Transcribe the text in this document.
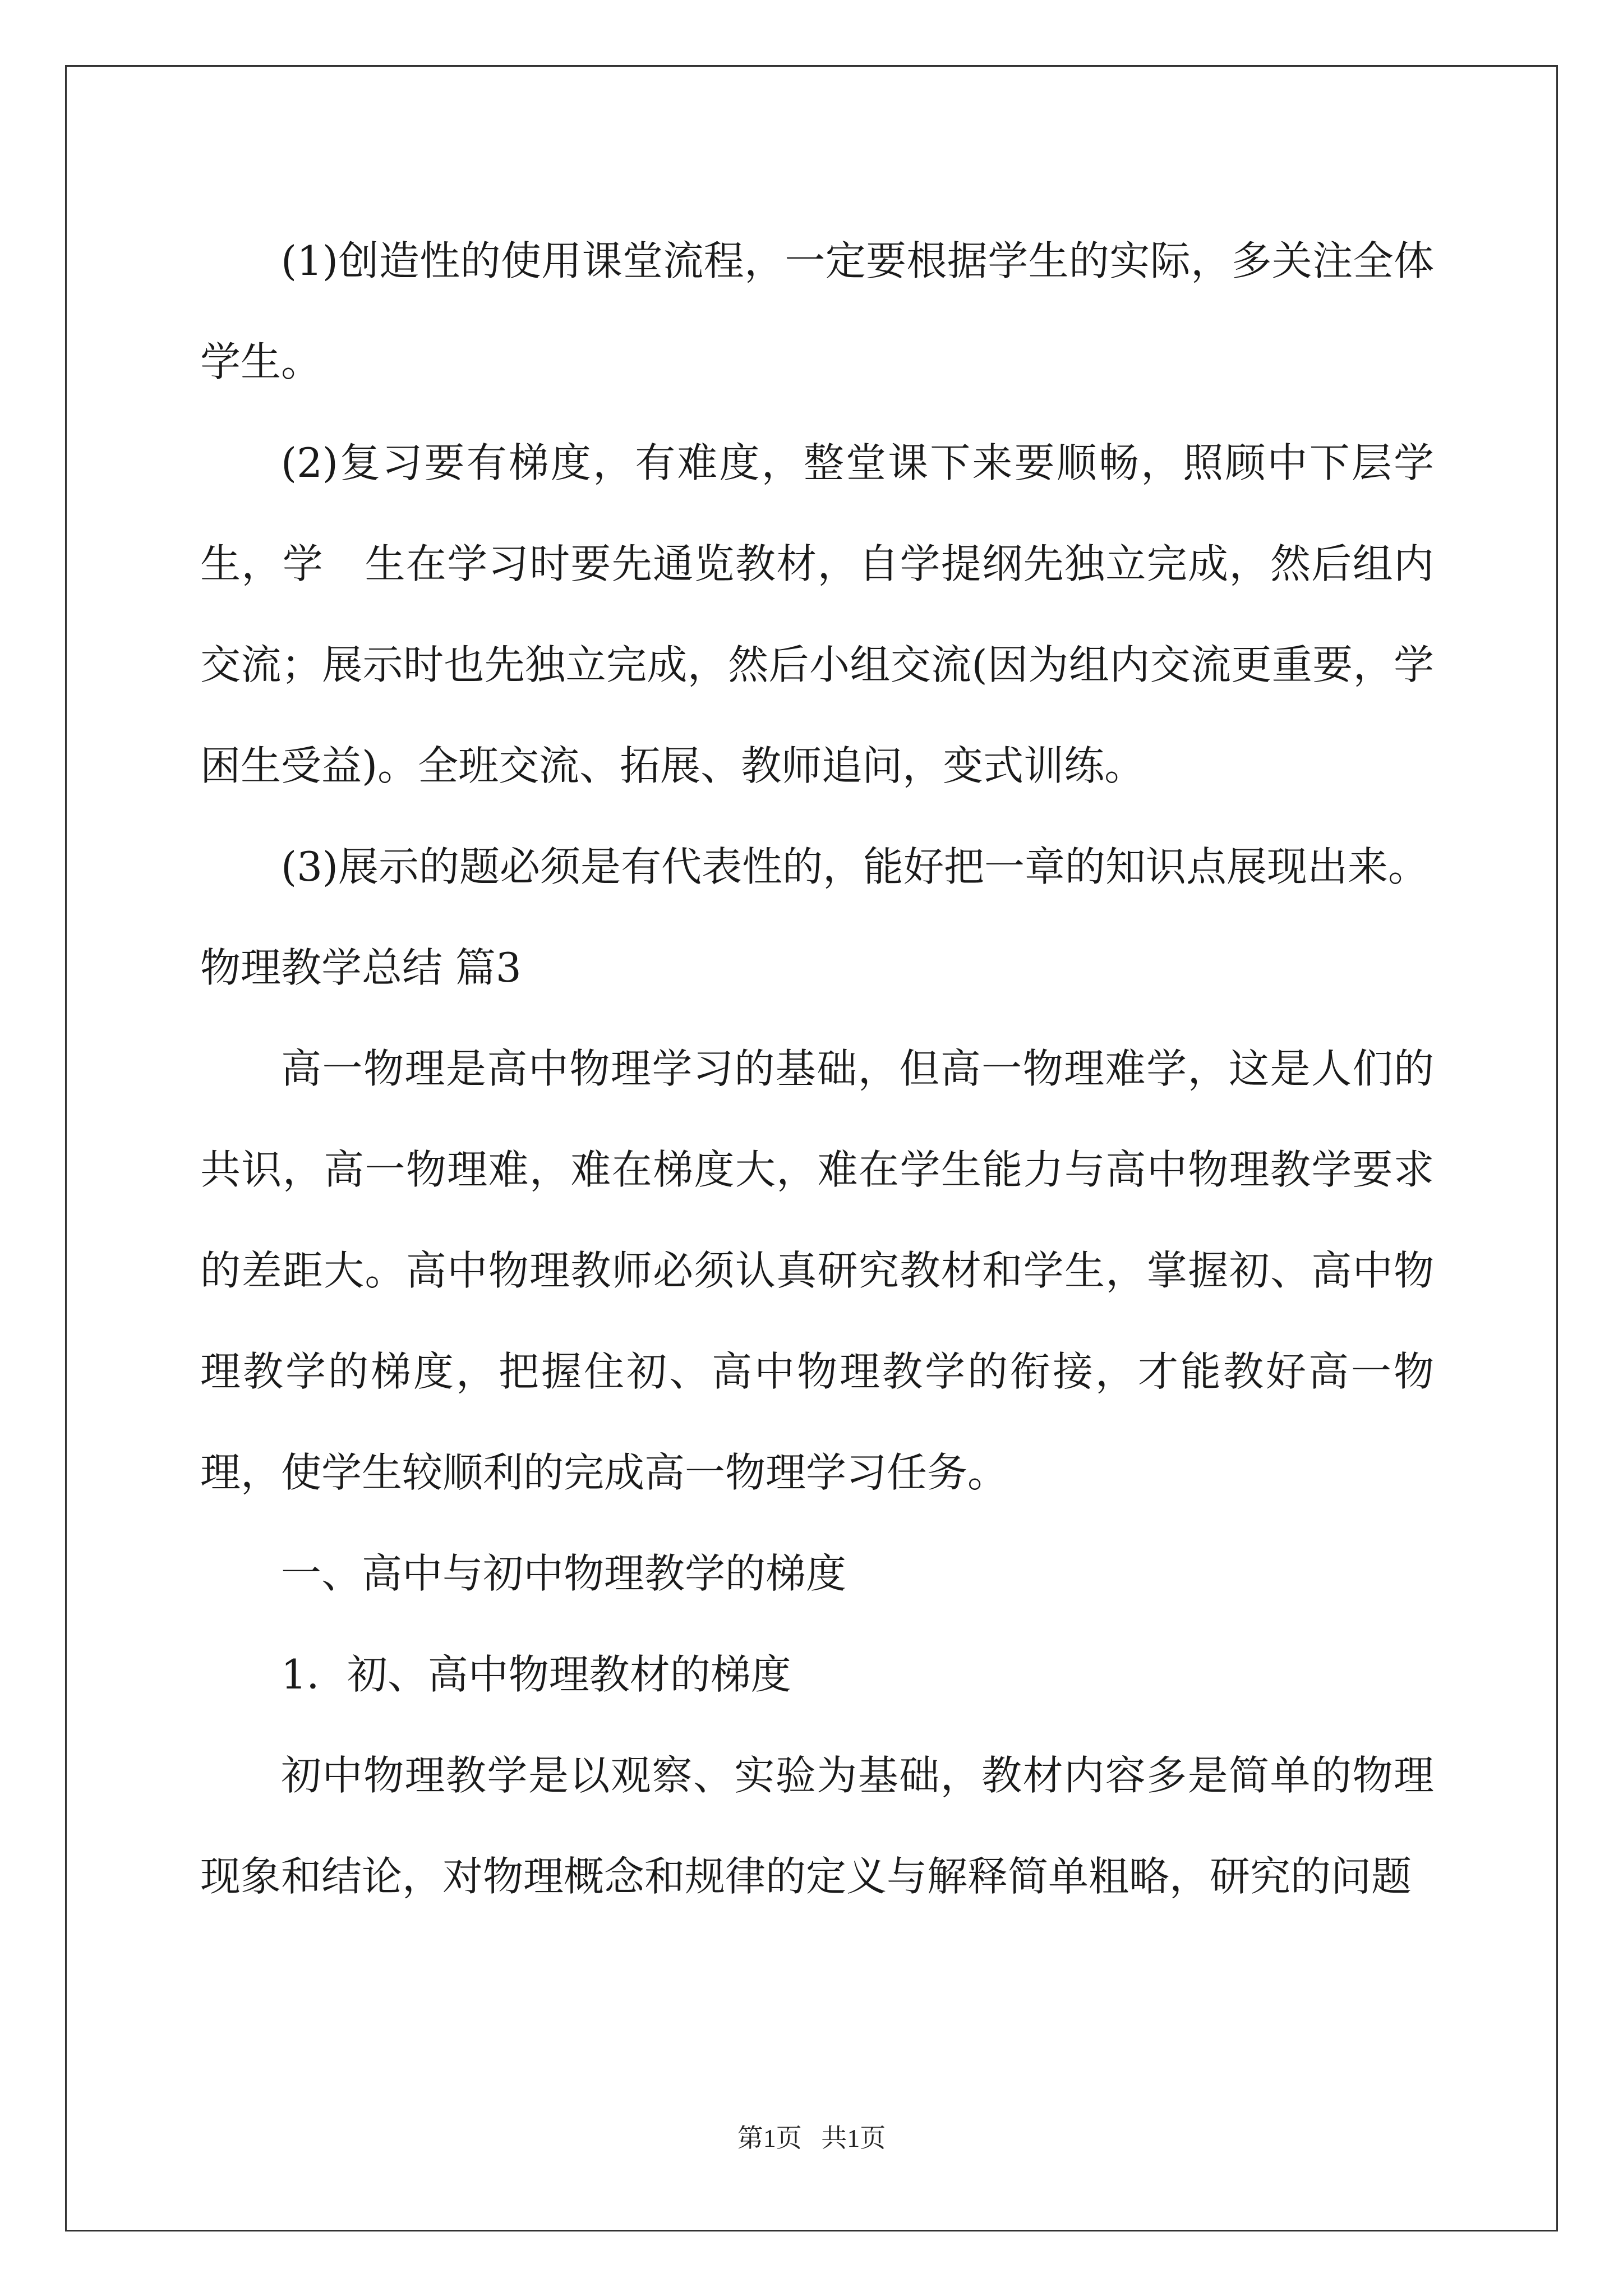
(1)创造性的使用课堂流程，一定要根据学生的实际，多关注全体学生。

(2)复习要有梯度，有难度，整堂课下来要顺畅，照顾中下层学生，学　生在学习时要先通览教材，自学提纲先独立完成，然后组内交流；展示时也先独立完成，然后小组交流(因为组内交流更重要，学困生受益)。全班交流、拓展、教师追问，变式训练。

(3)展示的题必须是有代表性的，能好把一章的知识点展现出来。

物理教学总结 篇3

高一物理是高中物理学习的基础，但高一物理难学，这是人们的共识，高一物理难，难在梯度大，难在学生能力与高中物理教学要求的差距大。高中物理教师必须认真研究教材和学生，掌握初、高中物理教学的梯度，把握住初、高中物理教学的衔接，才能教好高一物理，使学生较顺利的完成高一物理学习任务。

一、高中与初中物理教学的梯度

1．初、高中物理教材的梯度

初中物理教学是以观察、实验为基础，教材内容多是简单的物理现象和结论，对物理概念和规律的定义与解释简单粗略，研究的问题

第1页 共1页
